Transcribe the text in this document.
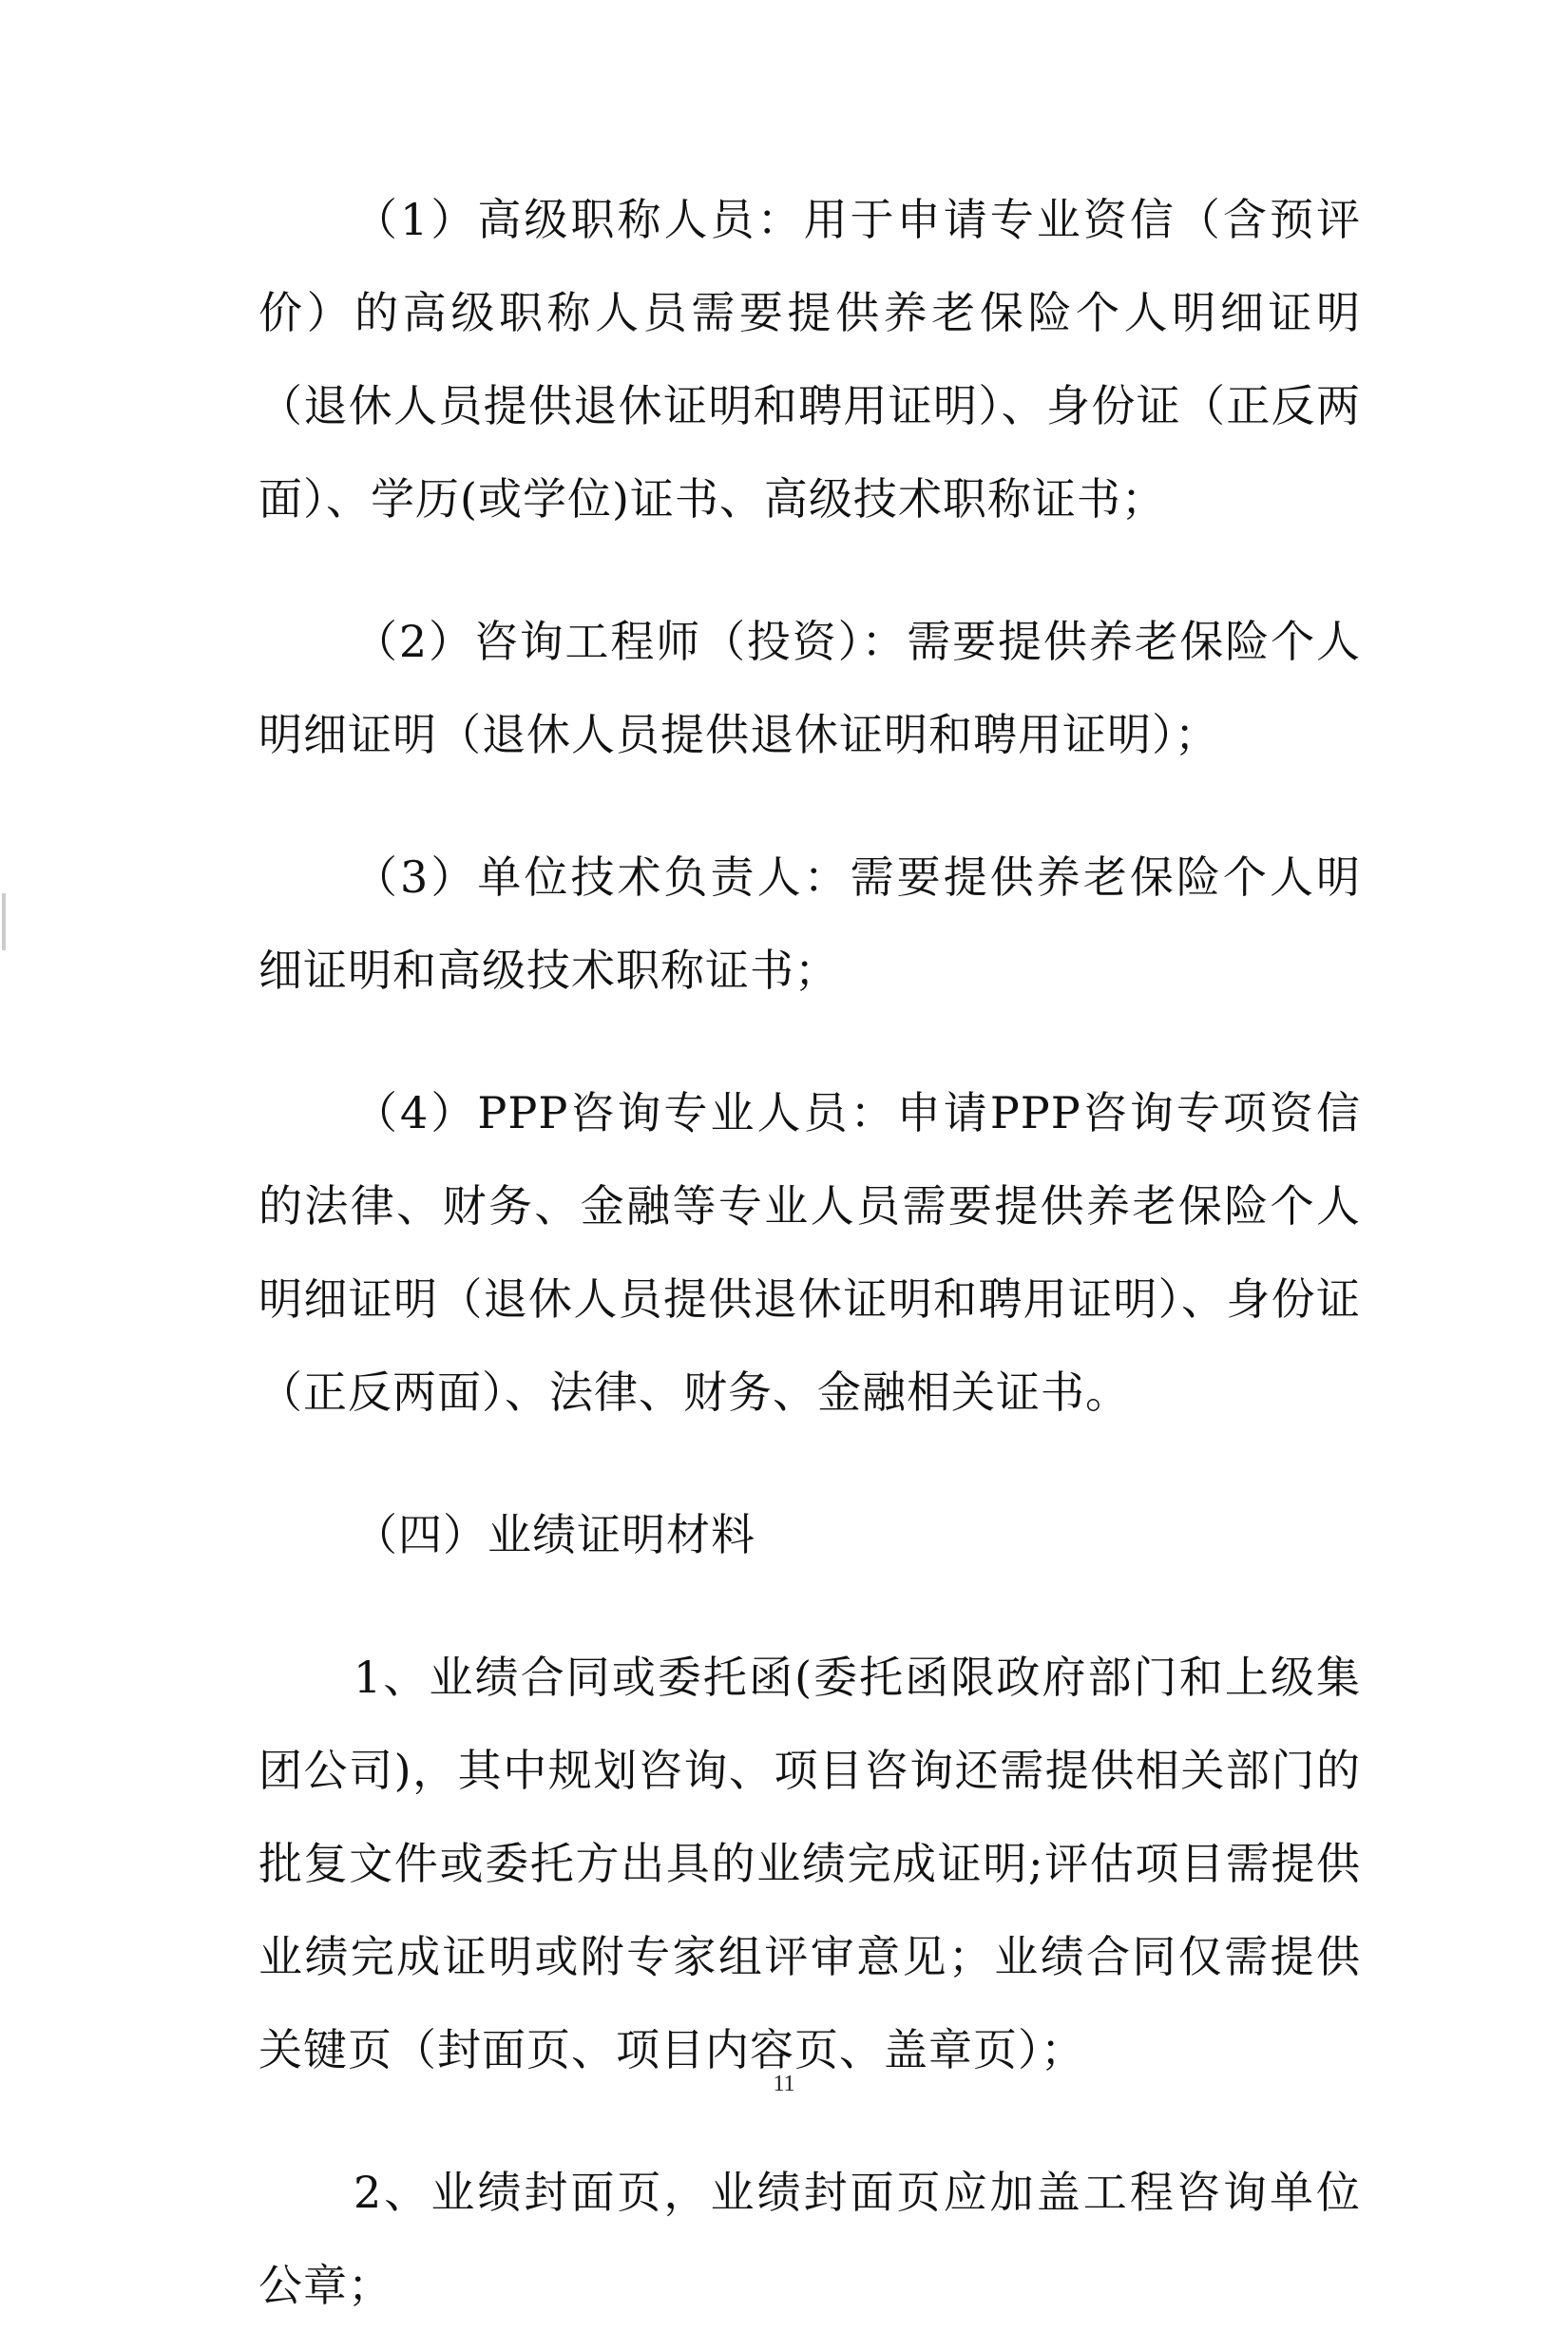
（1）高级职称人员：用于申请专业资信（含预评价）的高级职称人员需要提供养老保险个人明细证明（退休人员提供退休证明和聘用证明）、身份证（正反两面）、学历(或学位)证书、高级技术职称证书；

（2）咨询工程师（投资）：需要提供养老保险个人明细证明（退休人员提供退休证明和聘用证明）；

（3）单位技术负责人：需要提供养老保险个人明细证明和高级技术职称证书；

（4）PPP咨询专业人员：申请PPP咨询专项资信的法律、财务、金融等专业人员需要提供养老保险个人明细证明（退休人员提供退休证明和聘用证明）、身份证（正反两面）、法律、财务、金融相关证书。

（四）业绩证明材料

1、业绩合同或委托函(委托函限政府部门和上级集团公司)，其中规划咨询、项目咨询还需提供相关部门的批复文件或委托方出具的业绩完成证明;评估项目需提供业绩完成证明或附专家组评审意见；业绩合同仅需提供关键页（封面页、项目内容页、盖章页）；

2、业绩封面页，业绩封面页应加盖工程咨询单位公章；

11
